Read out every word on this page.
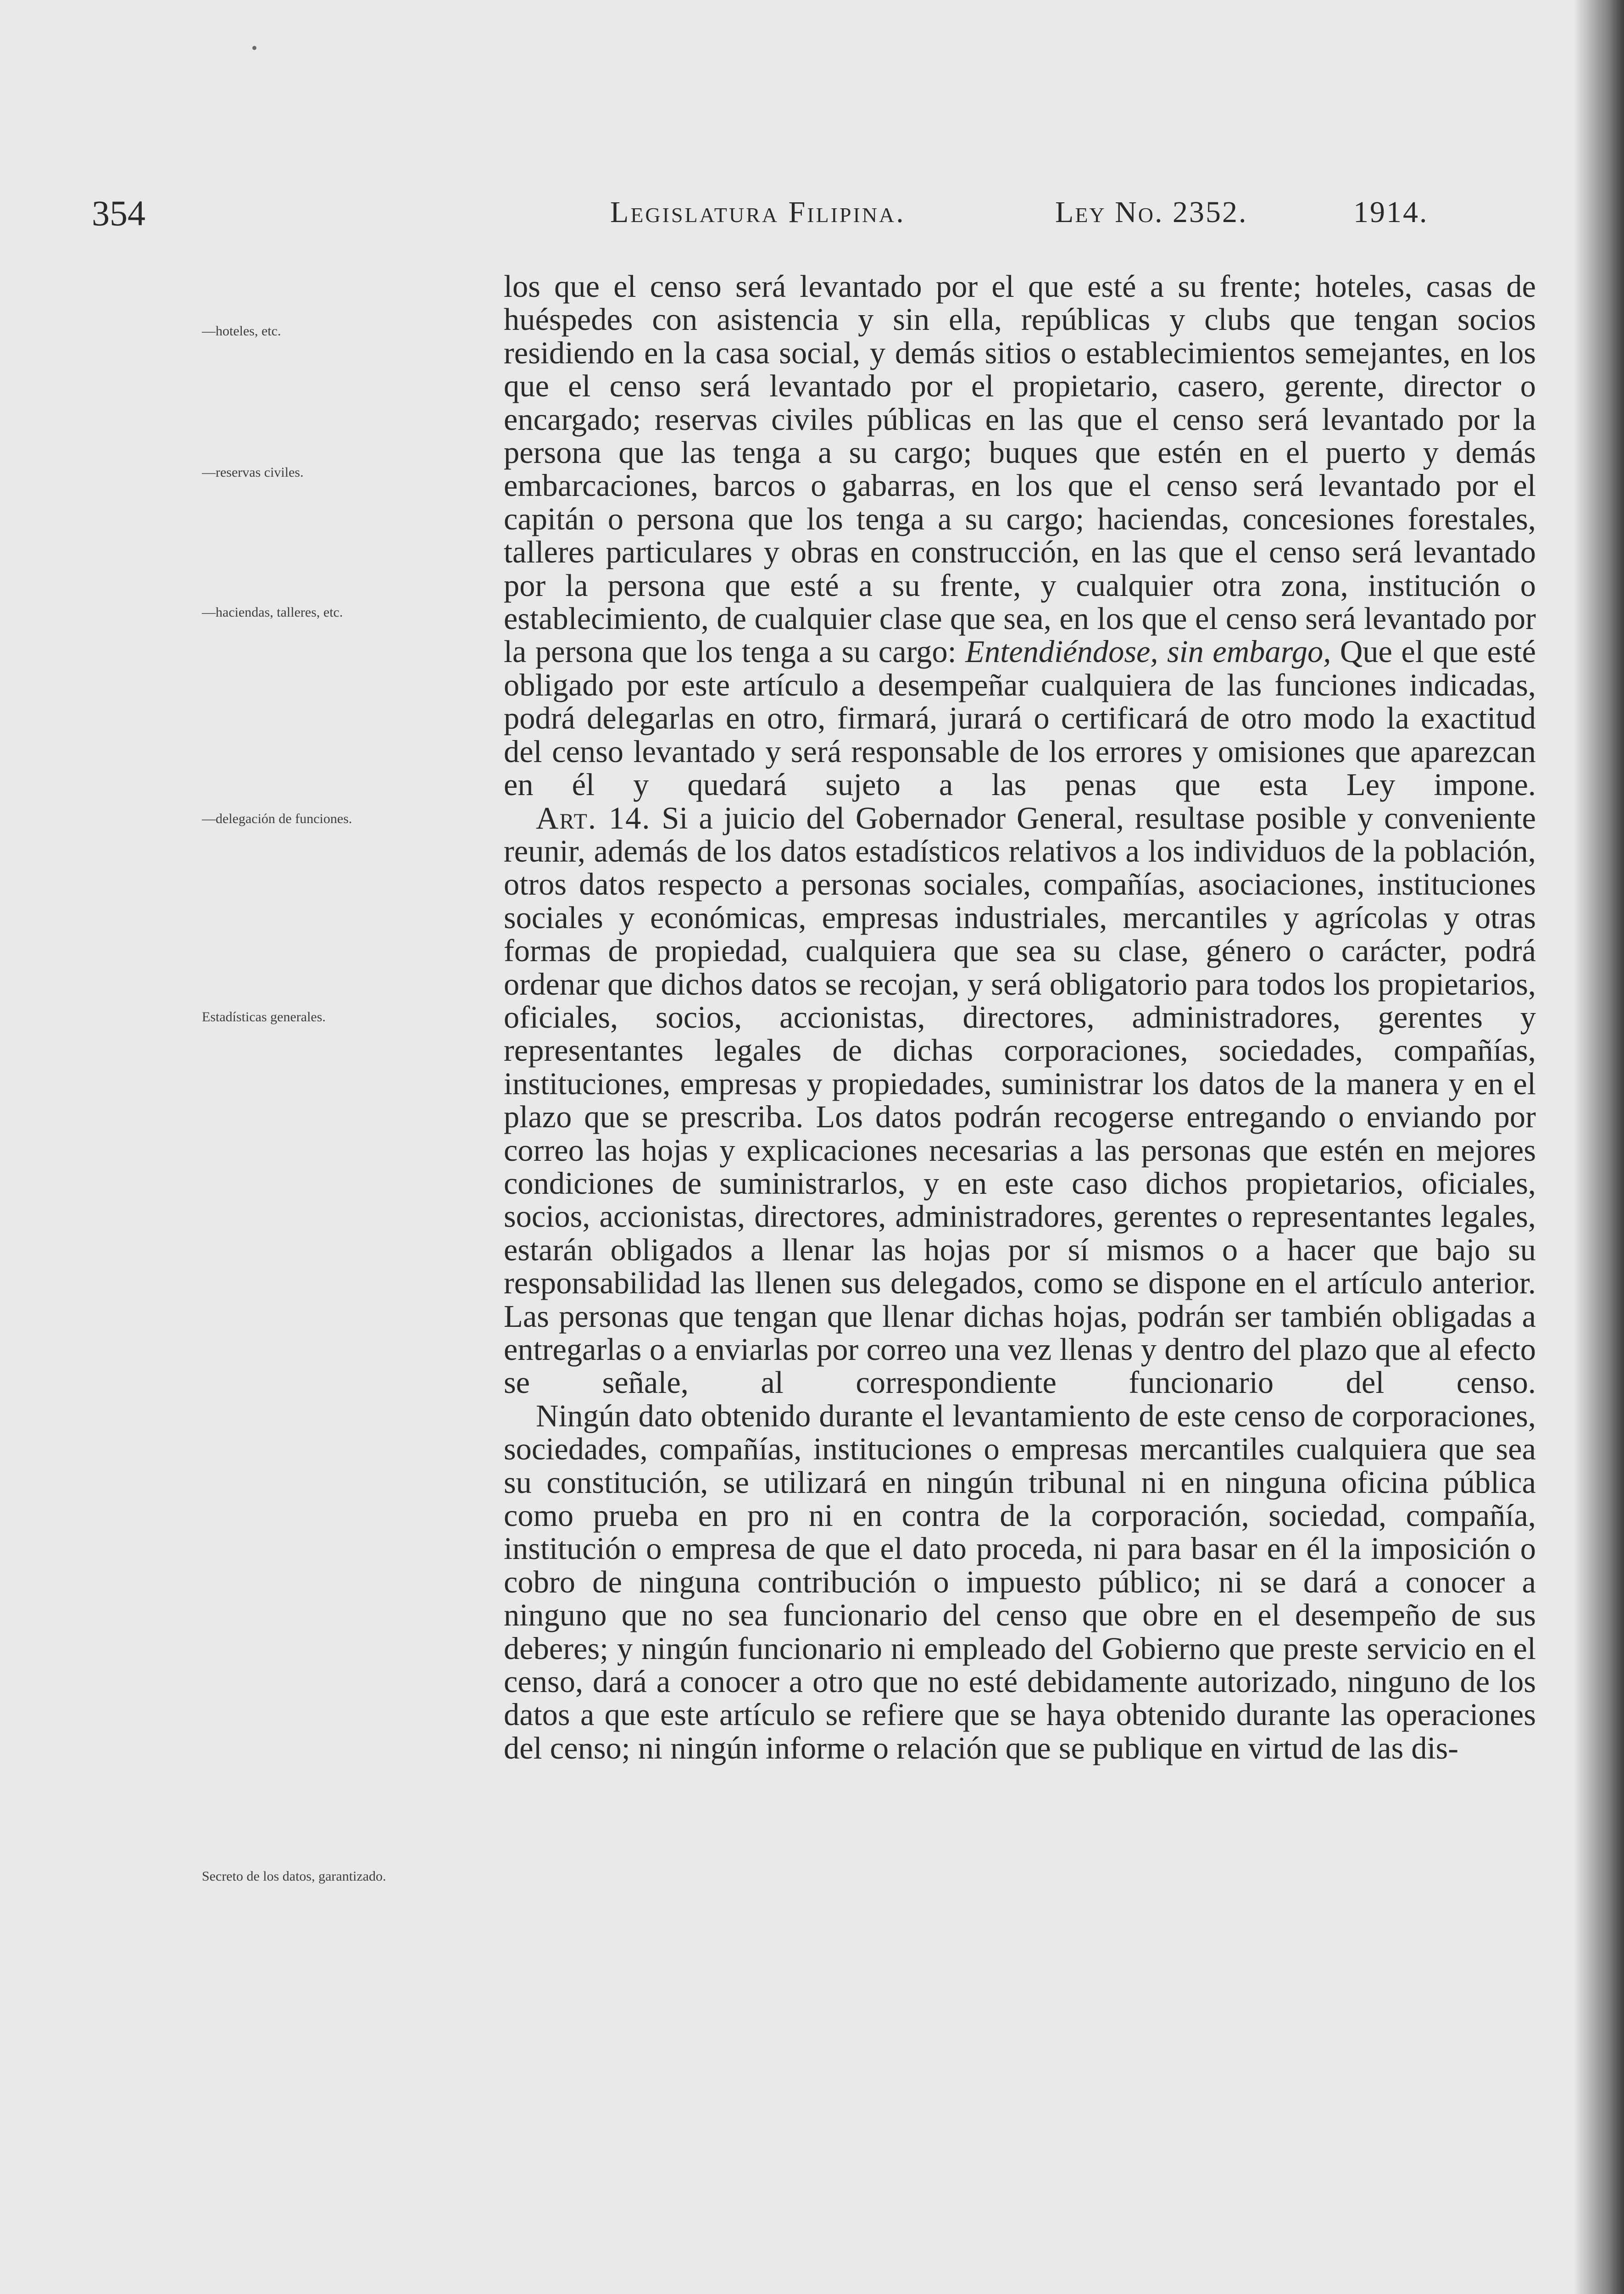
354	Legislatura Filipina.	Ley No. 2352.	1914.
—hoteles, etc.
—reservas civiles.
—haciendas, talleres, etc.
—delegación de funciones.
Estadísticas generales.
Secreto de los datos, garantizado.

los que el censo será levantado por el que esté a su frente; hoteles, casas de huéspedes con asistencia y sin ella, repúblicas y clubs que tengan socios residiendo en la casa social, y demás sitios o establecimientos semejantes, en los que el censo será levantado por el propietario, casero, gerente, director o encargado; reservas civiles públicas en las que el censo será levantado por la persona que las tenga a su cargo; buques que estén en el puerto y demás embarcaciones, barcos o gabarras, en los que el censo será levantado por el capitán o persona que los tenga a su cargo; haciendas, concesiones forestales, talleres particulares y obras en construcción, en las que el censo será levantado por la persona que esté a su frente, y cualquier otra zona, institución o establecimiento, de cualquier clase que sea, en los que el censo será levantado por la persona que los tenga a su cargo: Entendiéndose, sin embargo, Que el que esté obligado por este artículo a desempeñar cualquiera de las funciones indicadas, podrá delegarlas en otro, firmará, jurará o certificará de otro modo la exactitud del censo levantado y será responsable de los errores y omisiones que aparezcan en él y quedará sujeto a las penas que esta Ley impone.

Art. 14. Si a juicio del Gobernador General, resultase posible y conveniente reunir, además de los datos estadísticos relativos a los individuos de la población, otros datos respecto a personas sociales, compañías, asociaciones, instituciones sociales y económicas, empresas industriales, mercantiles y agrícolas y otras formas de propiedad, cualquiera que sea su clase, género o carácter, podrá ordenar que dichos datos se recojan, y será obligatorio para todos los propietarios, oficiales, socios, accionistas, directores, administradores, gerentes y representantes legales de dichas corporaciones, sociedades, compañías, instituciones, empresas y propiedades, suministrar los datos de la manera y en el plazo que se prescriba. Los datos podrán recogerse entregando o enviando por correo las hojas y explicaciones necesarias a las personas que estén en mejores condiciones de suministrarlos, y en este caso dichos propietarios, oficiales, socios, accionistas, directores, administradores, gerentes o representantes legales, estarán obligados a llenar las hojas por sí mismos o a hacer que bajo su responsabilidad las llenen sus delegados, como se dispone en el artículo anterior. Las personas que tengan que llenar dichas hojas, podrán ser también obligadas a entregarlas o a enviarlas por correo una vez llenas y dentro del plazo que al efecto se señale, al correspondiente funcionario del censo.

Ningún dato obtenido durante el levantamiento de este censo de corporaciones, sociedades, compañías, instituciones o empresas mercantiles cualquiera que sea su constitución, se utilizará en ningún tribunal ni en ninguna oficina pública como prueba en pro ni en contra de la corporación, sociedad, compañía, institución o empresa de que el dato proceda, ni para basar en él la imposición o cobro de ninguna contribución o impuesto público; ni se dará a conocer a ninguno que no sea funcionario del censo que obre en el desempeño de sus deberes; y ningún funcionario ni empleado del Gobierno que preste servicio en el censo, dará a conocer a otro que no esté debidamente autorizado, ninguno de los datos a que este artículo se refiere que se haya obtenido durante las operaciones del censo; ni ningún informe o relación que se publique en virtud de las dis-
